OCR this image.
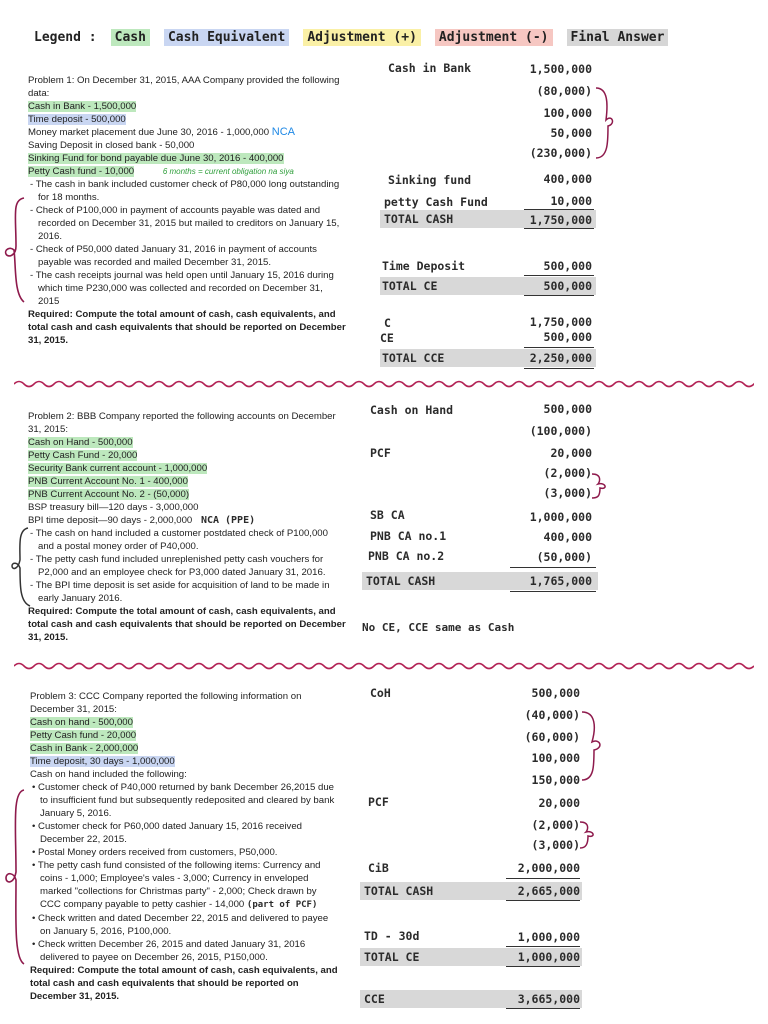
Legend :	Cash	Cash Equivalent	Adjustment (+)	Adjustment (-)	Final Answer
Problem 1: On December 31, 2015, AAA Company provided the following
data:
Cash in Bank - 1,500,000
Time deposit - 500,000
Money market placement due June 30, 2016 - 1,000,000 NCA
Saving Deposit in closed bank - 50,000
Sinking Fund for bond payable due June 30, 2016 - 400,000
Petty Cash fund - 10,000	6 months = current obligation na siya
- The cash in bank included customer check of P80,000 long outstanding for 18 months.
- Check of P100,000 in payment of accounts payable was dated and recorded on December 31, 2015 but mailed to creditors on January 15, 2016.
- Check of P50,000 dated January 31, 2016 in payment of accounts payable was recorded and mailed December 31, 2015.
- The cash receipts journal was held open until January 15, 2016 during which time P230,000 was collected and recorded on December 31, 2015
Required: Compute the total amount of cash, cash equivalents, and total cash and cash equivalents that should be reported on December 31, 2015.
Cash in Bank	1,500,000
(80,000)
100,000
50,000
(230,000)
Sinking fund	400,000
petty Cash Fund	10,000
TOTAL CASH	1,750,000
Time Deposit	500,000
TOTAL CE	500,000
C	1,750,000
CE	500,000
TOTAL CCE	2,250,000
Problem 2: BBB Company reported the following accounts on December
31, 2015:
Cash on Hand - 500,000
Petty Cash Fund - 20,000
Security Bank current account - 1,000,000
PNB Current Account No. 1 - 400,000
PNB Current Account No. 2 - (50,000)
BSP treasury bill—120 days - 3,000,000
BPI time deposit—90 days - 2,000,000 NCA (PPE)
- The cash on hand included a customer postdated check of P100,000 and a postal money order of P40,000.
- The petty cash fund included unreplenished petty cash vouchers for P2,000 and an employee check for P3,000 dated January 31, 2016.
- The BPI time deposit is set aside for acquisition of land to be made in early January 2016.
Required: Compute the total amount of cash, cash equivalents, and total cash and cash equivalents that should be reported on December 31, 2015.
Cash on Hand	500,000
(100,000)
PCF	20,000
(2,000)
(3,000)
SB CA	1,000,000
PNB CA no.1	400,000
PNB CA no.2	(50,000)
TOTAL CASH	1,765,000
No CE, CCE same as Cash
Problem 3: CCC Company reported the following information on
December 31, 2015:
Cash on hand - 500,000
Petty Cash fund - 20,000
Cash in Bank - 2,000,000
Time deposit, 30 days - 1,000,000
Cash on hand included the following:
• Customer check of P40,000 returned by bank December 26,2015 due to insufficient fund but subsequently redeposited and cleared by bank January 5, 2016.
• Customer check for P60,000 dated January 15, 2016 received December 22, 2015.
• Postal Money orders received from customers, P50,000.
• The petty cash fund consisted of the following items: Currency and coins - 1,000; Employee's vales - 3,000; Currency in enveloped marked "collections for Christmas party" - 2,000; Check drawn by CCC company payable to petty cashier - 14,000 (part of PCF)
• Check written and dated December 22, 2015 and delivered to payee on January 5, 2016, P100,000.
• Check written December 26, 2015 and dated January 31, 2016 delivered to payee on December 26, 2015, P150,000.
Required: Compute the total amount of cash, cash equivalents, and total cash and cash equivalents that should be reported on December 31, 2015.
CoH	500,000
(40,000)
(60,000)
100,000
150,000
PCF	20,000
(2,000)
(3,000)
CiB	2,000,000
TOTAL CASH	2,665,000
TD - 30d	1,000,000
TOTAL CE	1,000,000
CCE	3,665,000
